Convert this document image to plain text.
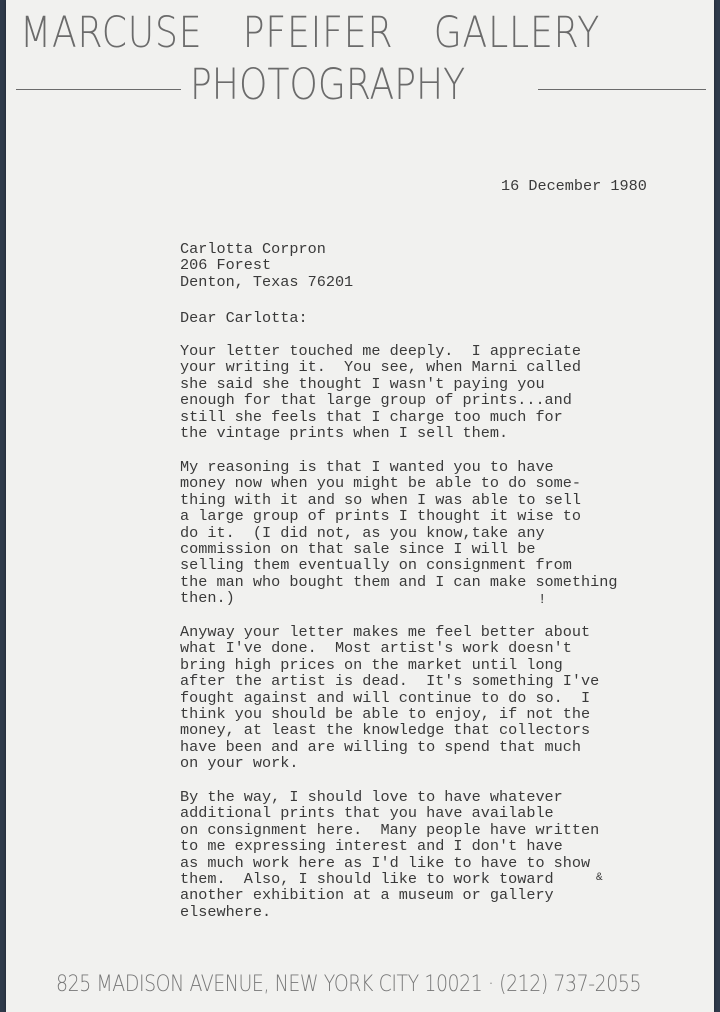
MARCUSE PFEIFER GALLERY
PHOTOGRAPHY
16 December 1980
Carlotta Corpron
206 Forest
Denton, Texas 76201
Dear Carlotta:
Your letter touched me deeply.  I appreciate
your writing it.  You see, when Marni called
she said she thought I wasn't paying you
enough for that large group of prints...and
still she feels that I charge too much for
the vintage prints when I sell them.
My reasoning is that I wanted you to have
money now when you might be able to do some-
thing with it and so when I was able to sell
a large group of prints I thought it wise to
do it.  (I did not, as you know,take any
commission on that sale since I will be
selling them eventually on consignment from
the man who bought them and I can make something
then.)
Anyway your letter makes me feel better about
what I've done.  Most artist's work doesn't
bring high prices on the market until long
after the artist is dead.  It's something I've
fought against and will continue to do so.  I
think you should be able to enjoy, if not the
money, at least the knowledge that collectors
have been and are willing to spend that much
on your work.
By the way, I should love to have whatever
additional prints that you have available
on consignment here.  Many people have written
to me expressing interest and I don't have
as much work here as I'd like to have to show
them.  Also, I should like to work toward
another exhibition at a museum or gallery
elsewhere.
!
&
825 MADISON AVENUE, NEW YORK CITY 10021 · (212) 737-2055
